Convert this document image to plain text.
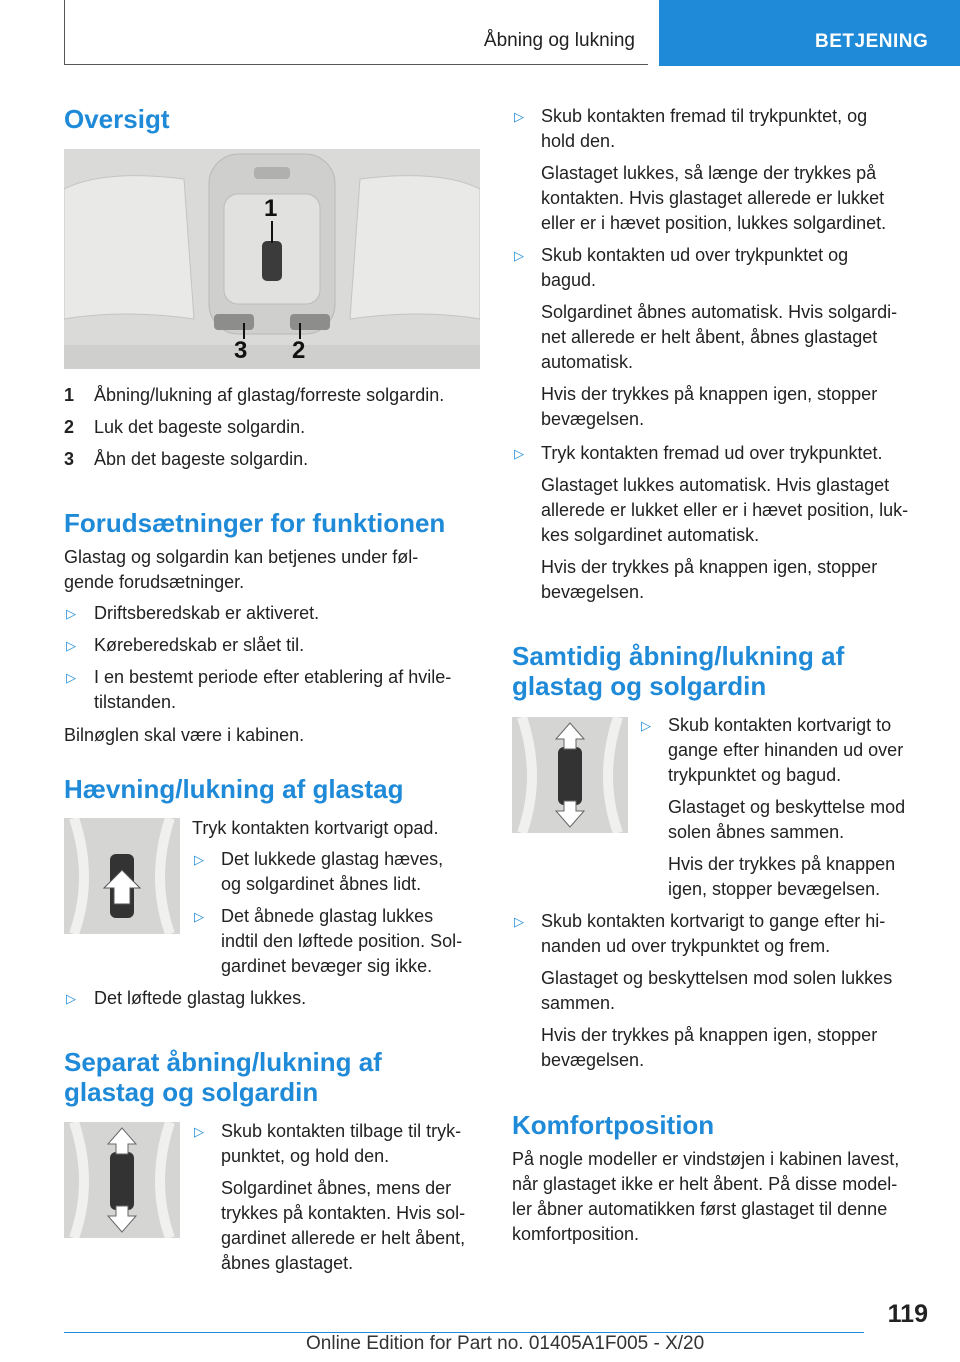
Åbning og lukning	BETJENING
Oversigt
1
3 2
1 Åbning/lukning af glastag/forreste solgardin.
2 Luk det bageste solgardin.
3 Åbn det bageste solgardin.
Forudsætninger for funktionen
Glastag og solgardin kan betjenes under føl-
gende forudsætninger.
▷ Driftsberedskab er aktiveret.
▷ Køreberedskab er slået til.
▷ I en bestemt periode efter etablering af hvile-
tilstanden.
Bilnøglen skal være i kabinen.
Hævning/lukning af glastag
Tryk kontakten kortvarigt opad.
▷ Det lukkede glastag hæves,
og solgardinet åbnes lidt.
▷ Det åbnede glastag lukkes
indtil den løftede position. Sol-
gardinet bevæger sig ikke.
▷ Det løftede glastag lukkes.
Separat åbning/lukning af
glastag og solgardin
▷ Skub kontakten tilbage til tryk-
punktet, og hold den.
Solgardinet åbnes, mens der
trykkes på kontakten. Hvis sol-
gardinet allerede er helt åbent,
åbnes glastaget.
▷ Skub kontakten fremad til trykpunktet, og
hold den.
Glastaget lukkes, så længe der trykkes på
kontakten. Hvis glastaget allerede er lukket
eller er i hævet position, lukkes solgardinet.
▷ Skub kontakten ud over trykpunktet og
bagud.
Solgardinet åbnes automatisk. Hvis solgardi-
net allerede er helt åbent, åbnes glastaget
automatisk.
Hvis der trykkes på knappen igen, stopper
bevægelsen.
▷ Tryk kontakten fremad ud over trykpunktet.
Glastaget lukkes automatisk. Hvis glastaget
allerede er lukket eller er i hævet position, luk-
kes solgardinet automatisk.
Hvis der trykkes på knappen igen, stopper
bevægelsen.
Samtidig åbning/lukning af
glastag og solgardin
▷ Skub kontakten kortvarigt to
gange efter hinanden ud over
trykpunktet og bagud.
Glastaget og beskyttelse mod
solen åbnes sammen.
Hvis der trykkes på knappen
igen, stopper bevægelsen.
▷ Skub kontakten kortvarigt to gange efter hi-
nanden ud over trykpunktet og frem.
Glastaget og beskyttelsen mod solen lukkes
sammen.
Hvis der trykkes på knappen igen, stopper
bevægelsen.
Komfortposition
På nogle modeller er vindstøjen i kabinen lavest,
når glastaget ikke er helt åbent. På disse model-
ler åbner automatikken først glastaget til denne
komfortposition.
119
Online Edition for Part no. 01405A1F005 - X/20
